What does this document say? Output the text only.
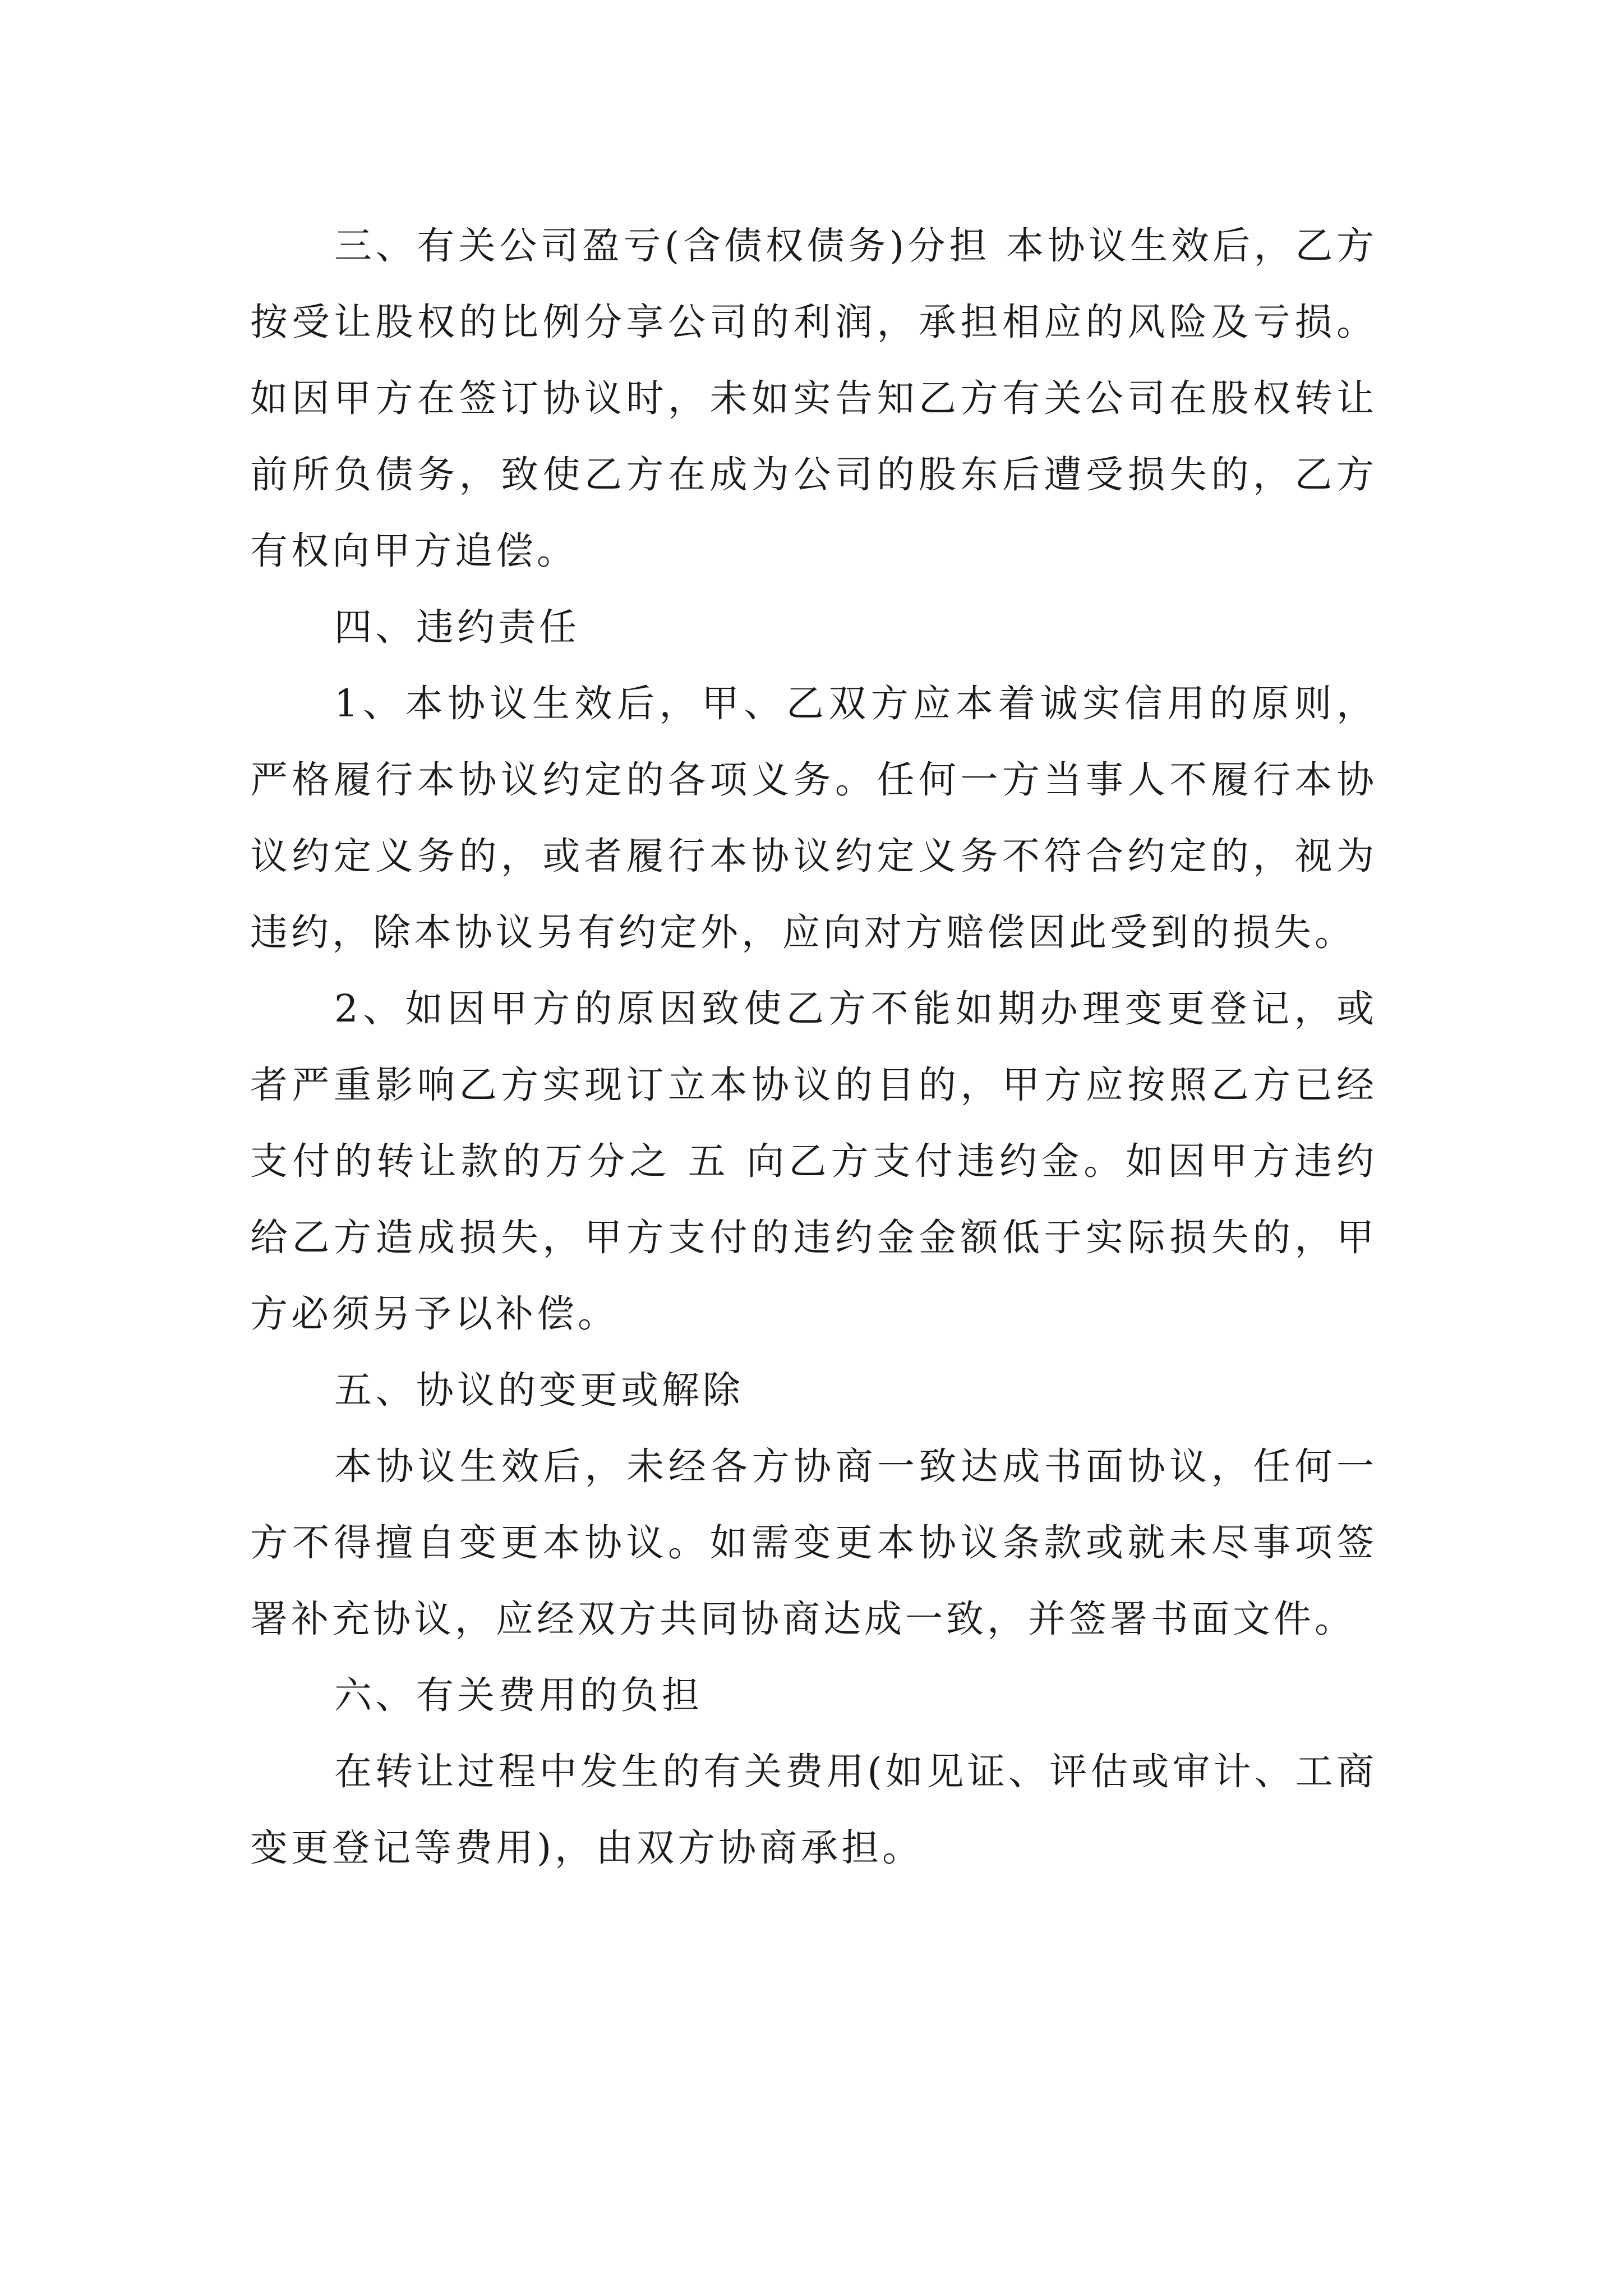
三、有关公司盈亏(含债权债务)分担 本协议生效后，乙方按受让股权的比例分享公司的利润，承担相应的风险及亏损。 如因甲方在签订协议时，未如实告知乙方有关公司在股权转让前所负债务，致使乙方在成为公司的股东后遭受损失的，乙方有权向甲方追偿。

四、违约责任

1、本协议生效后，甲、乙双方应本着诚实信用的原则，严格履行本协议约定的各项义务。任何一方当事人不履行本协议约定义务的，或者履行本协议约定义务不符合约定的，视为违约，除本协议另有约定外，应向对方赔偿因此受到的损失。

2、如因甲方的原因致使乙方不能如期办理变更登记，或者严重影响乙方实现订立本协议的目的，甲方应按照乙方已经支付的转让款的万分之 五 向乙方支付违约金。如因甲方违约给乙方造成损失，甲方支付的违约金金额低于实际损失的，甲方必须另予以补偿。

五、协议的变更或解除

本协议生效后，未经各方协商一致达成书面协议，任何一方不得擅自变更本协议。如需变更本协议条款或就未尽事项签署补充协议，应经双方共同协商达成一致，并签署书面文件。

六、有关费用的负担

在转让过程中发生的有关费用(如见证、评估或审计、工商变更登记等费用)，由双方协商承担。
